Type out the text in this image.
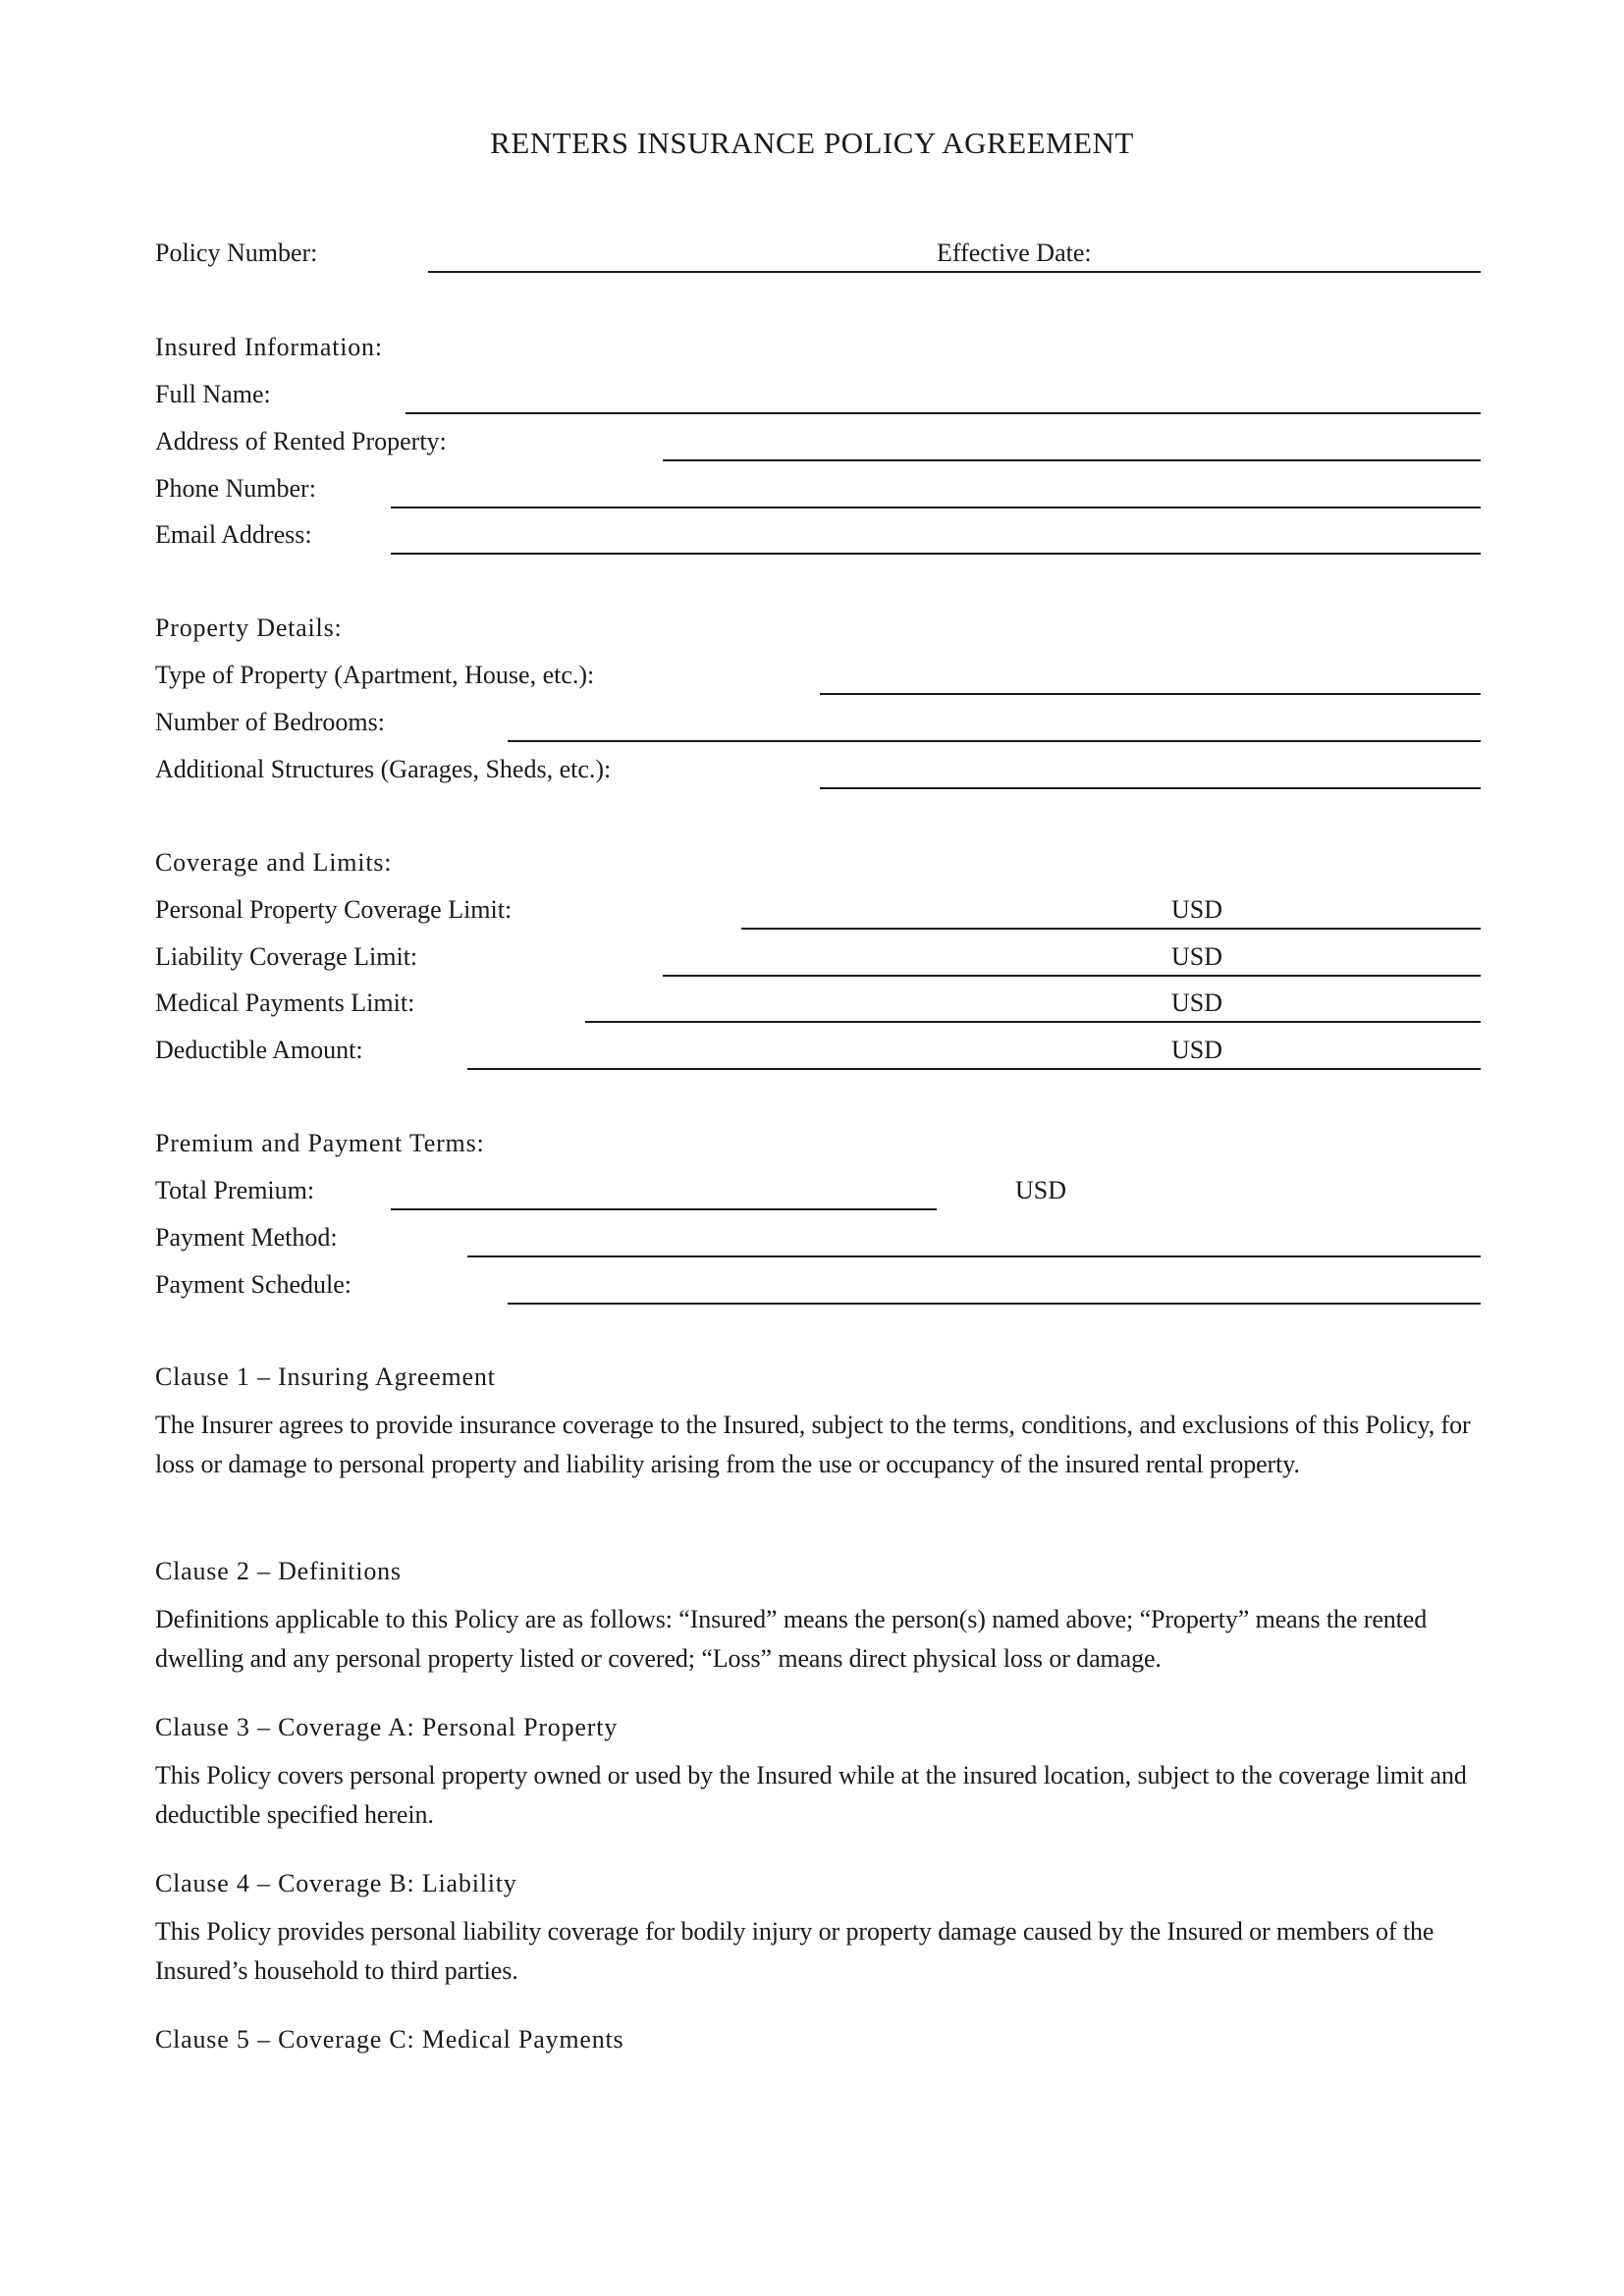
RENTERS INSURANCE POLICY AGREEMENT
Policy Number:	Effective Date:
Insured Information:
Full Name:
Address of Rented Property:
Phone Number:
Email Address:
Property Details:
Type of Property (Apartment, House, etc.):
Number of Bedrooms:
Additional Structures (Garages, Sheds, etc.):
Coverage and Limits:
Personal Property Coverage Limit:	USD
Liability Coverage Limit:	USD
Medical Payments Limit:	USD
Deductible Amount:	USD
Premium and Payment Terms:
Total Premium:	USD
Payment Method:
Payment Schedule:
Clause 1 – Insuring Agreement
The Insurer agrees to provide insurance coverage to the Insured, subject to the terms, conditions, and exclusions of this Policy, for loss or damage to personal property and liability arising from the use or occupancy of the insured rental property.
Clause 2 – Definitions
Definitions applicable to this Policy are as follows: “Insured” means the person(s) named above; “Property” means the rented dwelling and any personal property listed or covered; “Loss” means direct physical loss or damage.
Clause 3 – Coverage A: Personal Property
This Policy covers personal property owned or used by the Insured while at the insured location, subject to the coverage limit and deductible specified herein.
Clause 4 – Coverage B: Liability
This Policy provides personal liability coverage for bodily injury or property damage caused by the Insured or members of the Insured’s household to third parties.
Clause 5 – Coverage C: Medical Payments
